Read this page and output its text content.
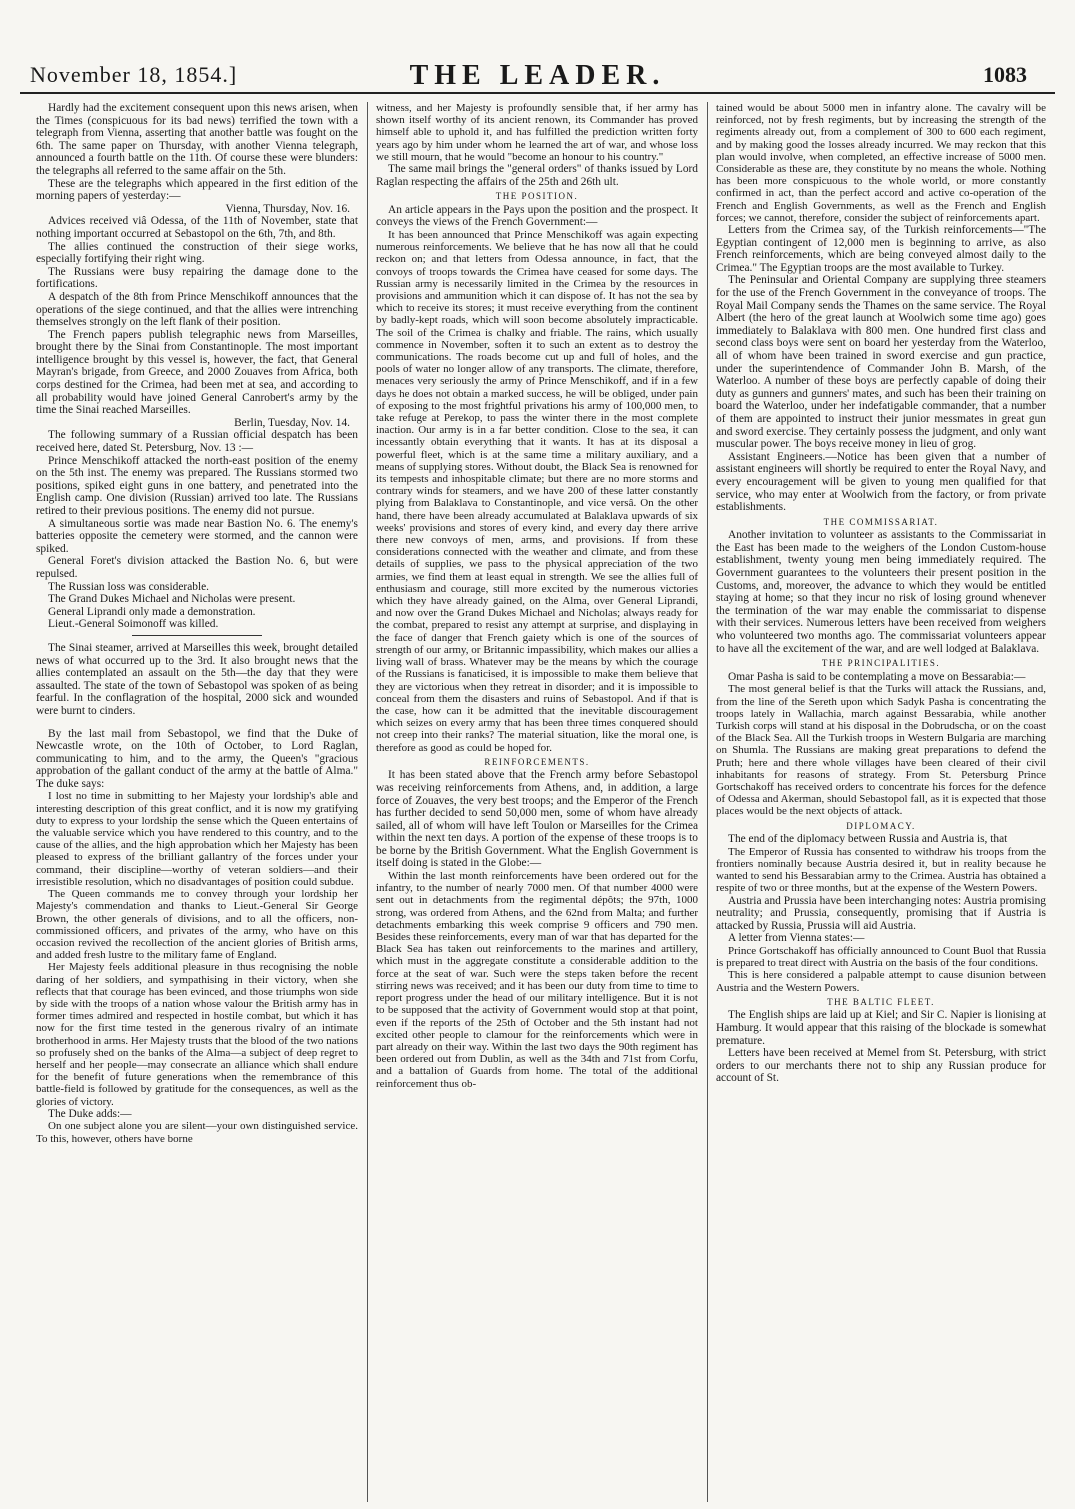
November 18, 1854.]	THE LEADER.	1083

Hardly had the excitement consequent upon this news arisen, when the Times (conspicuous for its bad news) terrified the town with a telegraph from Vienna, asserting that another battle was fought on the 6th. The same paper on Thursday, with another Vienna telegraph, announced a fourth battle on the 11th. Of course these were blunders: the telegraphs all referred to the same affair on the 5th.

These are the telegraphs which appeared in the first edition of the morning papers of yesterday:—

Vienna, Thursday, Nov. 16.

Advices received viâ Odessa, of the 11th of November, state that nothing important occurred at Sebastopol on the 6th, 7th, and 8th.

The allies continued the construction of their siege works, especially fortifying their right wing.

The Russians were busy repairing the damage done to the fortifications.

A despatch of the 8th from Prince Menschikoff announces that the operations of the siege continued, and that the allies were intrenching themselves strongly on the left flank of their position.

The French papers publish telegraphic news from Marseilles, brought there by the Sinai from Constantinople. The most important intelligence brought by this vessel is, however, the fact, that General Mayran's brigade, from Greece, and 2000 Zouaves from Africa, both corps destined for the Crimea, had been met at sea, and according to all probability would have joined General Canrobert's army by the time the Sinai reached Marseilles.

Berlin, Tuesday, Nov. 14.

The following summary of a Russian official despatch has been received here, dated St. Petersburg, Nov. 13 :—

Prince Menschikoff attacked the north-east position of the enemy on the 5th inst. The enemy was prepared. The Russians stormed two positions, spiked eight guns in one battery, and penetrated into the English camp. One division (Russian) arrived too late. The Russians retired to their previous positions. The enemy did not pursue.

A simultaneous sortie was made near Bastion No. 6. The enemy's batteries opposite the cemetery were stormed, and the cannon were spiked.

General Foret's division attacked the Bastion No. 6, but were repulsed.

The Russian loss was considerable.

The Grand Dukes Michael and Nicholas were present.

General Liprandi only made a demonstration.

Lieut.-General Soimonoff was killed.

The Sinai steamer, arrived at Marseilles this week, brought detailed news of what occurred up to the 3rd. It also brought news that the allies contemplated an assault on the 5th—the day that they were assaulted. The state of the town of Sebastopol was spoken of as being fearful. In the conflagration of the hospital, 2000 sick and wounded were burnt to cinders.

By the last mail from Sebastopol, we find that the Duke of Newcastle wrote, on the 10th of October, to Lord Raglan, communicating to him, and to the army, the Queen's "gracious approbation of the gallant conduct of the army at the battle of Alma." The duke says:

I lost no time in submitting to her Majesty your lordship's able and interesting description of this great conflict, and it is now my gratifying duty to express to your lordship the sense which the Queen entertains of the valuable service which you have rendered to this country, and to the cause of the allies, and the high approbation which her Majesty has been pleased to express of the brilliant gallantry of the forces under your command, their discipline—worthy of veteran soldiers—and their irresistible resolution, which no disadvantages of position could subdue.

The Queen commands me to convey through your lordship her Majesty's commendation and thanks to Lieut.-General Sir George Brown, the other generals of divisions, and to all the officers, non-commissioned officers, and privates of the army, who have on this occasion revived the recollection of the ancient glories of British arms, and added fresh lustre to the military fame of England.

Her Majesty feels additional pleasure in thus recognising the noble daring of her soldiers, and sympathising in their victory, when she reflects that that courage has been evinced, and those triumphs won side by side with the troops of a nation whose valour the British army has in former times admired and respected in hostile combat, but which it has now for the first time tested in the generous rivalry of an intimate brotherhood in arms. Her Majesty trusts that the blood of the two nations so profusely shed on the banks of the Alma—a subject of deep regret to herself and her people—may consecrate an alliance which shall endure for the benefit of future generations when the remembrance of this battle-field is followed by gratitude for the consequences, as well as the glories of victory.

The Duke adds:—

On one subject alone you are silent—your own distinguished service. To this, however, others have borne

witness, and her Majesty is profoundly sensible that, if her army has shown itself worthy of its ancient renown, its Commander has proved himself able to uphold it, and has fulfilled the prediction written forty years ago by him under whom he learned the art of war, and whose loss we still mourn, that he would "become an honour to his country."

The same mail brings the "general orders" of thanks issued by Lord Raglan respecting the affairs of the 25th and 26th ult.

THE POSITION.

An article appears in the Pays upon the position and the prospect. It conveys the views of the French Government:—

It has been announced that Prince Menschikoff was again expecting numerous reinforcements. We believe that he has now all that he could reckon on; and that letters from Odessa announce, in fact, that the convoys of troops towards the Crimea have ceased for some days. The Russian army is necessarily limited in the Crimea by the resources in provisions and ammunition which it can dispose of. It has not the sea by which to receive its stores; it must receive everything from the continent by badly-kept roads, which will soon become absolutely impracticable. The soil of the Crimea is chalky and friable. The rains, which usually commence in November, soften it to such an extent as to destroy the communications. The roads become cut up and full of holes, and the pools of water no longer allow of any transports. The climate, therefore, menaces very seriously the army of Prince Menschikoff, and if in a few days he does not obtain a marked success, he will be obliged, under pain of exposing to the most frightful privations his army of 100,000 men, to take refuge at Perekop, to pass the winter there in the most complete inaction. Our army is in a far better condition. Close to the sea, it can incessantly obtain everything that it wants. It has at its disposal a powerful fleet, which is at the same time a military auxiliary, and a means of supplying stores. Without doubt, the Black Sea is renowned for its tempests and inhospitable climate; but there are no more storms and contrary winds for steamers, and we have 200 of these latter constantly plying from Balaklava to Constantinople, and vice versâ. On the other hand, there have been already accumulated at Balaklava upwards of six weeks' provisions and stores of every kind, and every day there arrive there new convoys of men, arms, and provisions. If from these considerations connected with the weather and climate, and from these details of supplies, we pass to the physical appreciation of the two armies, we find them at least equal in strength. We see the allies full of enthusiasm and courage, still more excited by the numerous victories which they have already gained, on the Alma, over General Liprandi, and now over the Grand Dukes Michael and Nicholas; always ready for the combat, prepared to resist any attempt at surprise, and displaying in the face of danger that French gaiety which is one of the sources of strength of our army, or Britannic impassibility, which makes our allies a living wall of brass. Whatever may be the means by which the courage of the Russians is fanaticised, it is impossible to make them believe that they are victorious when they retreat in disorder; and it is impossible to conceal from them the disasters and ruins of Sebastopol. And if that is the case, how can it be admitted that the inevitable discouragement which seizes on every army that has been three times conquered should not creep into their ranks? The material situation, like the moral one, is therefore as good as could be hoped for.

REINFORCEMENTS.

It has been stated above that the French army before Sebastopol was receiving reinforcements from Athens, and, in addition, a large force of Zouaves, the very best troops; and the Emperor of the French has further decided to send 50,000 men, some of whom have already sailed, all of whom will have left Toulon or Marseilles for the Crimea within the next ten days. A portion of the expense of these troops is to be borne by the British Government. What the English Government is itself doing is stated in the Globe:—

Within the last month reinforcements have been ordered out for the infantry, to the number of nearly 7000 men. Of that number 4000 were sent out in detachments from the regimental dépôts; the 97th, 1000 strong, was ordered from Athens, and the 62nd from Malta; and further detachments embarking this week comprise 9 officers and 790 men. Besides these reinforcements, every man of war that has departed for the Black Sea has taken out reinforcements to the marines and artillery, which must in the aggregate constitute a considerable addition to the force at the seat of war. Such were the steps taken before the recent stirring news was received; and it has been our duty from time to time to report progress under the head of our military intelligence. But it is not to be supposed that the activity of Government would stop at that point, even if the reports of the 25th of October and the 5th instant had not excited other people to clamour for the reinforcements which were in part already on their way. Within the last two days the 90th regiment has been ordered out from Dublin, as well as the 34th and 71st from Corfu, and a battalion of Guards from home. The total of the additional reinforcement thus ob-

tained would be about 5000 men in infantry alone. The cavalry will be reinforced, not by fresh regiments, but by increasing the strength of the regiments already out, from a complement of 300 to 600 each regiment, and by making good the losses already incurred. We may reckon that this plan would involve, when completed, an effective increase of 5000 men. Considerable as these are, they constitute by no means the whole. Nothing has been more conspicuous to the whole world, or more constantly confirmed in act, than the perfect accord and active co-operation of the French and English Governments, as well as the French and English forces; we cannot, therefore, consider the subject of reinforcements apart.

Letters from the Crimea say, of the Turkish reinforcements—"The Egyptian contingent of 12,000 men is beginning to arrive, as also French reinforcements, which are being conveyed almost daily to the Crimea." The Egyptian troops are the most available to Turkey.

The Peninsular and Oriental Company are supplying three steamers for the use of the French Government in the conveyance of troops. The Royal Mail Company sends the Thames on the same service. The Royal Albert (the hero of the great launch at Woolwich some time ago) goes immediately to Balaklava with 800 men. One hundred first class and second class boys were sent on board her yesterday from the Waterloo, all of whom have been trained in sword exercise and gun practice, under the superintendence of Commander John B. Marsh, of the Waterloo. A number of these boys are perfectly capable of doing their duty as gunners and gunners' mates, and such has been their training on board the Waterloo, under her indefatigable commander, that a number of them are appointed to instruct their junior messmates in great gun and sword exercise. They certainly possess the judgment, and only want muscular power. The boys receive money in lieu of grog.

Assistant Engineers.—Notice has been given that a number of assistant engineers will shortly be required to enter the Royal Navy, and every encouragement will be given to young men qualified for that service, who may enter at Woolwich from the factory, or from private establishments.

THE COMMISSARIAT.

Another invitation to volunteer as assistants to the Commissariat in the East has been made to the weighers of the London Custom-house establishment, twenty young men being immediately required. The Government guarantees to the volunteers their present position in the Customs, and, moreover, the advance to which they would be entitled staying at home; so that they incur no risk of losing ground whenever the termination of the war may enable the commissariat to dispense with their services. Numerous letters have been received from weighers who volunteered two months ago. The commissariat volunteers appear to have all the excitement of the war, and are well lodged at Balaklava.

THE PRINCIPALITIES.

Omar Pasha is said to be contemplating a move on Bessarabia:—

The most general belief is that the Turks will attack the Russians, and, from the line of the Sereth upon which Sadyk Pasha is concentrating the troops lately in Wallachia, march against Bessarabia, while another Turkish corps will stand at his disposal in the Dobrudscha, or on the coast of the Black Sea. All the Turkish troops in Western Bulgaria are marching on Shumla. The Russians are making great preparations to defend the Pruth; here and there whole villages have been cleared of their civil inhabitants for reasons of strategy. From St. Petersburg Prince Gortschakoff has received orders to concentrate his forces for the defence of Odessa and Akerman, should Sebastopol fall, as it is expected that those places would be the next objects of attack.

DIPLOMACY.

The end of the diplomacy between Russia and Austria is, that

The Emperor of Russia has consented to withdraw his troops from the frontiers nominally because Austria desired it, but in reality because he wanted to send his Bessarabian army to the Crimea. Austria has obtained a respite of two or three months, but at the expense of the Western Powers.

Austria and Prussia have been interchanging notes: Austria promising neutrality; and Prussia, consequently, promising that if Austria is attacked by Russia, Prussia will aid Austria.

A letter from Vienna states:—

Prince Gortschakoff has officially announced to Count Buol that Russia is prepared to treat direct with Austria on the basis of the four conditions.

This is here considered a palpable attempt to cause disunion between Austria and the Western Powers.

THE BALTIC FLEET.

The English ships are laid up at Kiel; and Sir C. Napier is lionising at Hamburg. It would appear that this raising of the blockade is somewhat premature.

Letters have been received at Memel from St. Petersburg, with strict orders to our merchants there not to ship any Russian produce for account of St.
